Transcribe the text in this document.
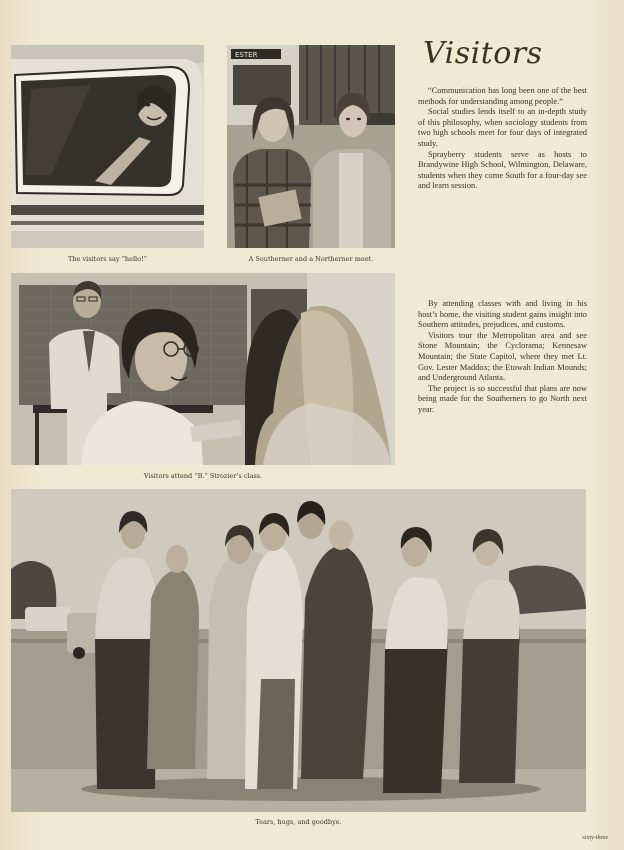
The visitors say “hello!”
ESTER
A Southerner and a Northerner meet.
Visitors

“Communication has long been one of the best methods for understanding among people.”

Social studies lends itself to an in-depth study of this philosophy, when sociology students from two high schools meet for four days of integrated study.

Sprayberry students serve as hosts to Brandywine High School, Wilmington, Delaware, students when they come South for a four-day see and learn session.

Visitors attend “B.” Strozier’s class.

By attending classes with and living in his host’s home, the visiting student gains insight into Southern attitudes, prejudices, and customs.

Visitors tour the Metropolitan area and see Stone Mountain; the Cyclorama; Kennesaw Mountain; the State Capitol, where they met Lt. Gov. Lester Maddox; the Etowah Indian Mounds; and Underground Atlanta.

The project is so successful that plans are now being made for the Southerners to go North next year.

Tears, hugs, and goodbye.
sixty-three
